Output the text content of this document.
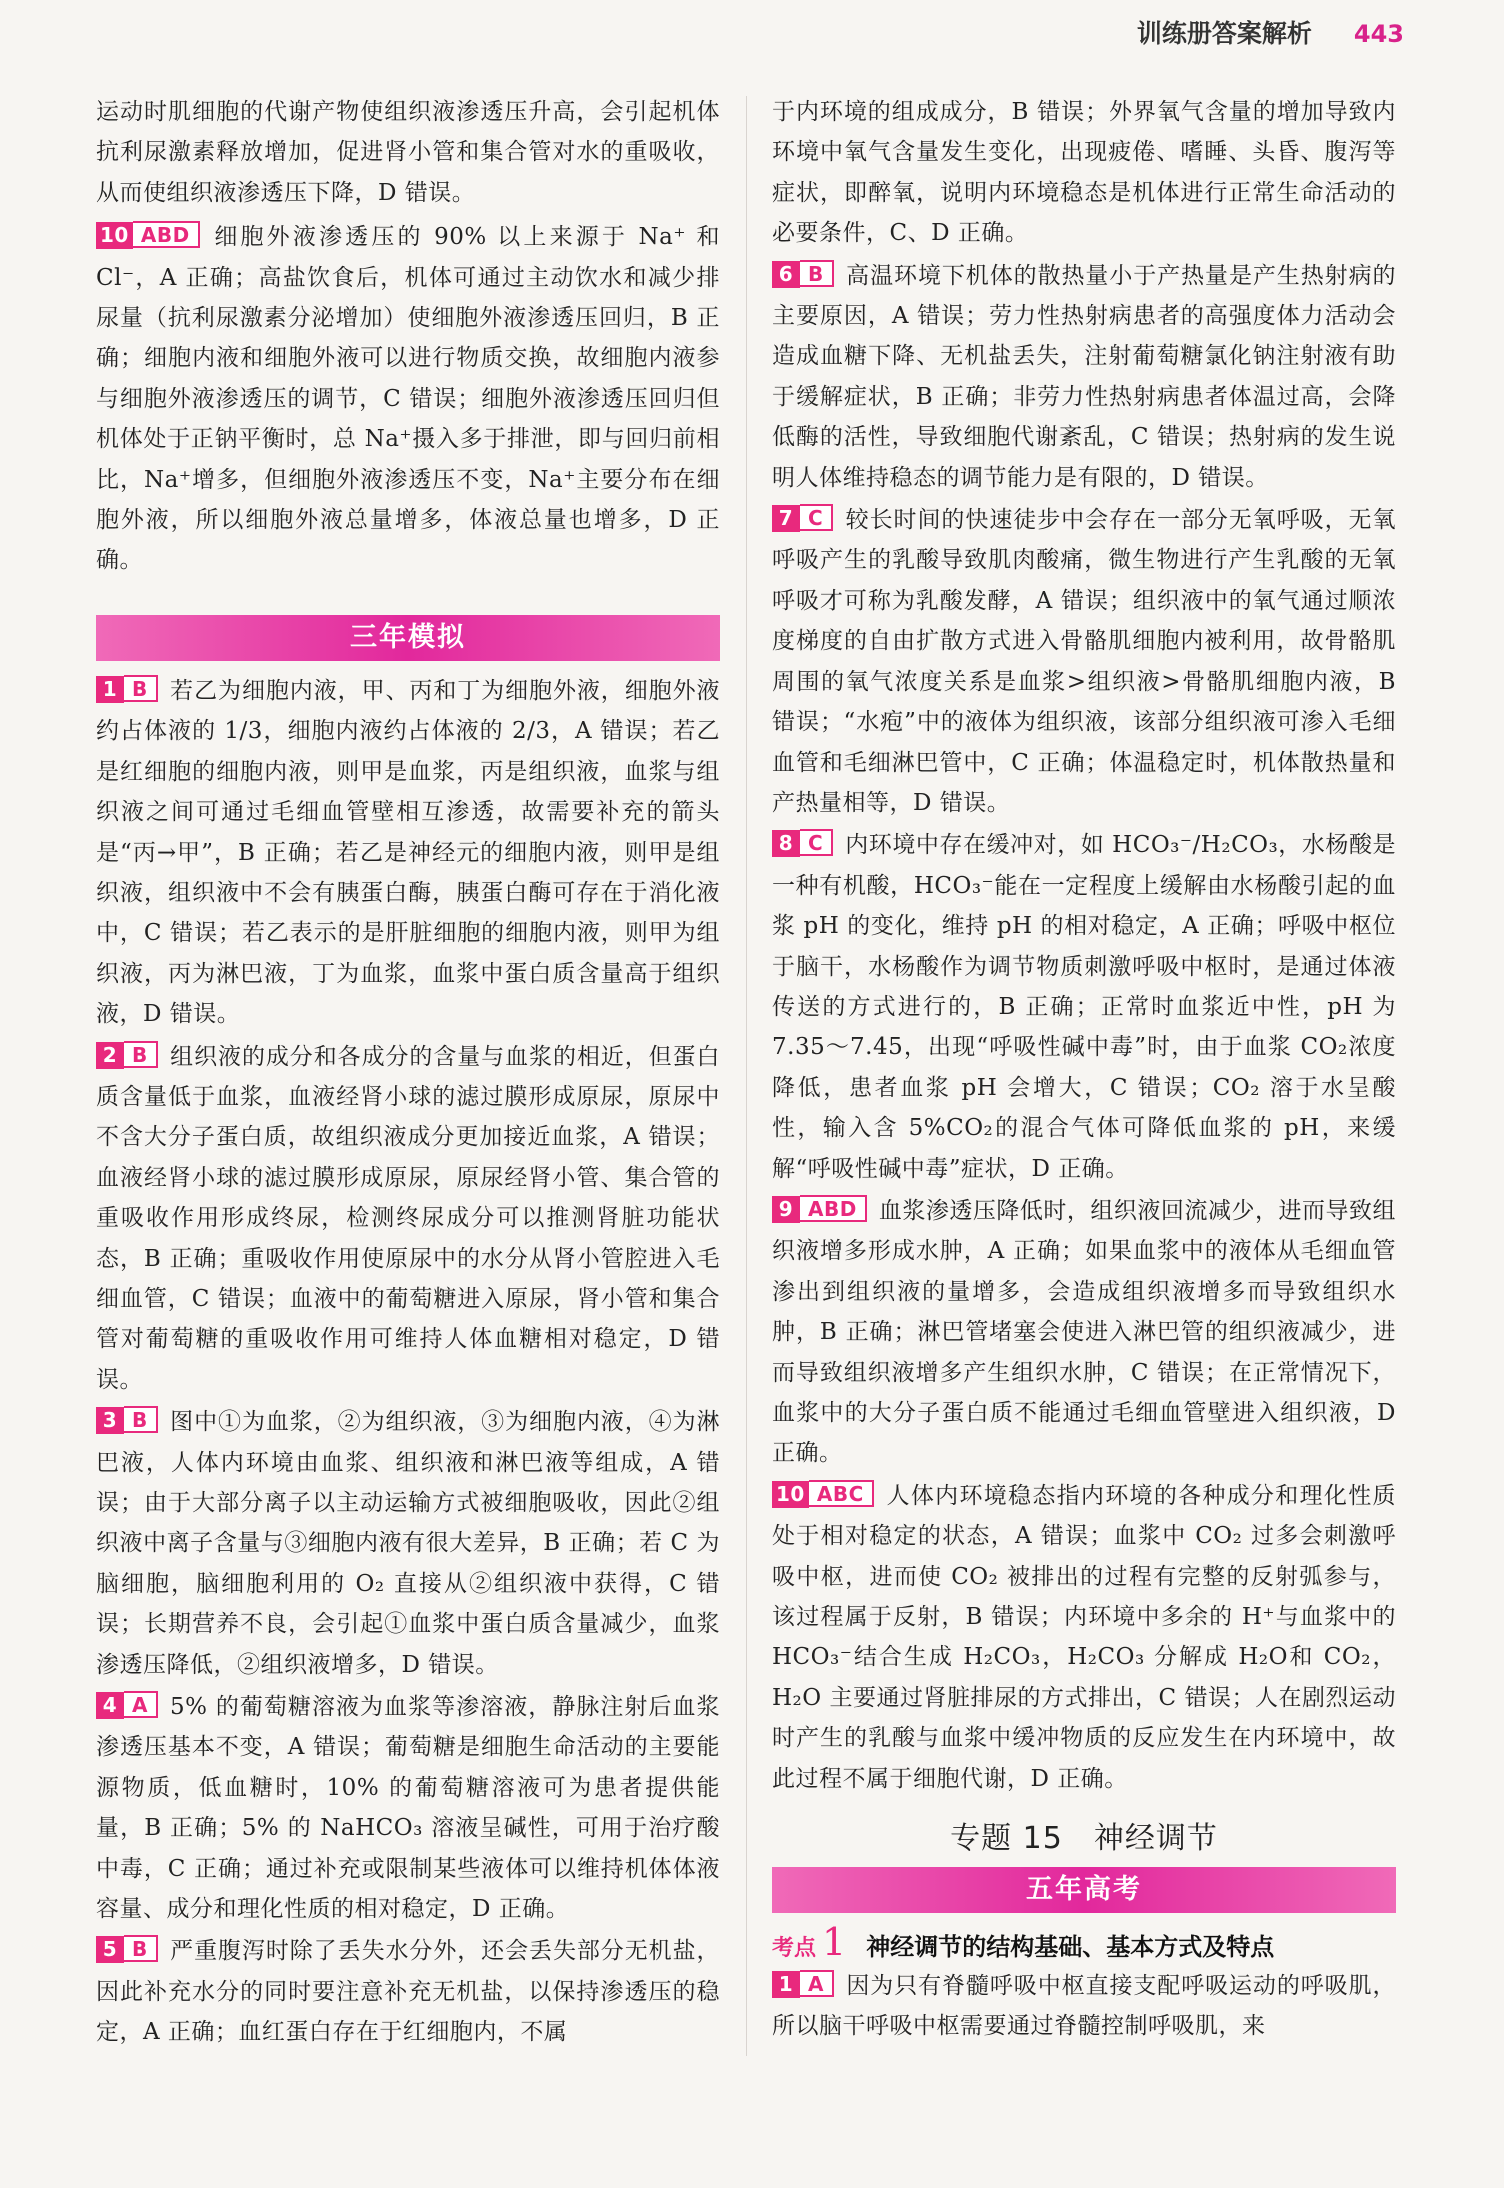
训练册答案解析 443

运动时肌细胞的代谢产物使组织液渗透压升高，会引起机体抗利尿激素释放增加，促进肾小管和集合管对水的重吸收，从而使组织液渗透压下降，D 错误。

10 ABD 细胞外液渗透压的 90% 以上来源于 Na⁺ 和 Cl⁻，A 正确；高盐饮食后，机体可通过主动饮水和减少排尿量（抗利尿激素分泌增加）使细胞外液渗透压回归，B 正确；细胞内液和细胞外液可以进行物质交换，故细胞内液参与细胞外液渗透压的调节，C 错误；细胞外液渗透压回归但机体处于正钠平衡时，总 Na⁺摄入多于排泄，即与回归前相比，Na⁺增多，但细胞外液渗透压不变，Na⁺主要分布在细胞外液，所以细胞外液总量增多，体液总量也增多，D 正确。

三年模拟

1 B 若乙为细胞内液，甲、丙和丁为细胞外液，细胞外液约占体液的 1/3，细胞内液约占体液的 2/3，A 错误；若乙是红细胞的细胞内液，则甲是血浆，丙是组织液，血浆与组织液之间可通过毛细血管壁相互渗透，故需要补充的箭头是“丙→甲”，B 正确；若乙是神经元的细胞内液，则甲是组织液，组织液中不会有胰蛋白酶，胰蛋白酶可存在于消化液中，C 错误；若乙表示的是肝脏细胞的细胞内液，则甲为组织液，丙为淋巴液，丁为血浆，血浆中蛋白质含量高于组织液，D 错误。

2 B 组织液的成分和各成分的含量与血浆的相近，但蛋白质含量低于血浆，血液经肾小球的滤过膜形成原尿，原尿中不含大分子蛋白质，故组织液成分更加接近血浆，A 错误；血液经肾小球的滤过膜形成原尿，原尿经肾小管、集合管的重吸收作用形成终尿，检测终尿成分可以推测肾脏功能状态，B 正确；重吸收作用使原尿中的水分从肾小管腔进入毛细血管，C 错误；血液中的葡萄糖进入原尿，肾小管和集合管对葡萄糖的重吸收作用可维持人体血糖相对稳定，D 错误。

3 B 图中①为血浆，②为组织液，③为细胞内液，④为淋巴液，人体内环境由血浆、组织液和淋巴液等组成，A 错误；由于大部分离子以主动运输方式被细胞吸收，因此②组织液中离子含量与③细胞内液有很大差异，B 正确；若 C 为脑细胞，脑细胞利用的 O₂ 直接从②组织液中获得，C 错误；长期营养不良，会引起①血浆中蛋白质含量减少，血浆渗透压降低，②组织液增多，D 错误。

4 A 5% 的葡萄糖溶液为血浆等渗溶液，静脉注射后血浆渗透压基本不变，A 错误；葡萄糖是细胞生命活动的主要能源物质，低血糖时，10% 的葡萄糖溶液可为患者提供能量，B 正确；5% 的 NaHCO₃ 溶液呈碱性，可用于治疗酸中毒，C 正确；通过补充或限制某些液体可以维持机体体液容量、成分和理化性质的相对稳定，D 正确。

5 B 严重腹泻时除了丢失水分外，还会丢失部分无机盐，因此补充水分的同时要注意补充无机盐，以保持渗透压的稳定，A 正确；血红蛋白存在于红细胞内，不属

于内环境的组成成分，B 错误；外界氧气含量的增加导致内环境中氧气含量发生变化，出现疲倦、嗜睡、头昏、腹泻等症状，即醉氧，说明内环境稳态是机体进行正常生命活动的必要条件，C、D 正确。

6 B 高温环境下机体的散热量小于产热量是产生热射病的主要原因，A 错误；劳力性热射病患者的高强度体力活动会造成血糖下降、无机盐丢失，注射葡萄糖氯化钠注射液有助于缓解症状，B 正确；非劳力性热射病患者体温过高，会降低酶的活性，导致细胞代谢紊乱，C 错误；热射病的发生说明人体维持稳态的调节能力是有限的，D 错误。

7 C 较长时间的快速徒步中会存在一部分无氧呼吸，无氧呼吸产生的乳酸导致肌肉酸痛，微生物进行产生乳酸的无氧呼吸才可称为乳酸发酵，A 错误；组织液中的氧气通过顺浓度梯度的自由扩散方式进入骨骼肌细胞内被利用，故骨骼肌周围的氧气浓度关系是血浆>组织液>骨骼肌细胞内液，B 错误；“水疱”中的液体为组织液，该部分组织液可渗入毛细血管和毛细淋巴管中，C 正确；体温稳定时，机体散热量和产热量相等，D 错误。

8 C 内环境中存在缓冲对，如 HCO₃⁻/H₂CO₃，水杨酸是一种有机酸，HCO₃⁻能在一定程度上缓解由水杨酸引起的血浆 pH 的变化，维持 pH 的相对稳定，A 正确；呼吸中枢位于脑干，水杨酸作为调节物质刺激呼吸中枢时，是通过体液传送的方式进行的，B 正确；正常时血浆近中性，pH 为 7.35～7.45，出现“呼吸性碱中毒”时，由于血浆 CO₂浓度降低，患者血浆 pH 会增大，C 错误；CO₂ 溶于水呈酸性，输入含 5%CO₂的混合气体可降低血浆的 pH，来缓解“呼吸性碱中毒”症状，D 正确。

9 ABD 血浆渗透压降低时，组织液回流减少，进而导致组织液增多形成水肿，A 正确；如果血浆中的液体从毛细血管渗出到组织液的量增多，会造成组织液增多而导致组织水肿，B 正确；淋巴管堵塞会使进入淋巴管的组织液减少，进而导致组织液增多产生组织水肿，C 错误；在正常情况下，血浆中的大分子蛋白质不能通过毛细血管壁进入组织液，D 正确。

10 ABC 人体内环境稳态指内环境的各种成分和理化性质处于相对稳定的状态，A 错误；血浆中 CO₂ 过多会刺激呼吸中枢，进而使 CO₂ 被排出的过程有完整的反射弧参与，该过程属于反射，B 错误；内环境中多余的 H⁺与血浆中的 HCO₃⁻结合生成 H₂CO₃，H₂CO₃ 分解成 H₂O和 CO₂，H₂O 主要通过肾脏排尿的方式排出，C 错误；人在剧烈运动时产生的乳酸与血浆中缓冲物质的反应发生在内环境中，故此过程不属于细胞代谢，D 正确。

专题 15　神经调节
五年高考
考点 1 神经调节的结构基础、基本方式及特点

1 A 因为只有脊髓呼吸中枢直接支配呼吸运动的呼吸肌，所以脑干呼吸中枢需要通过脊髓控制呼吸肌，来
